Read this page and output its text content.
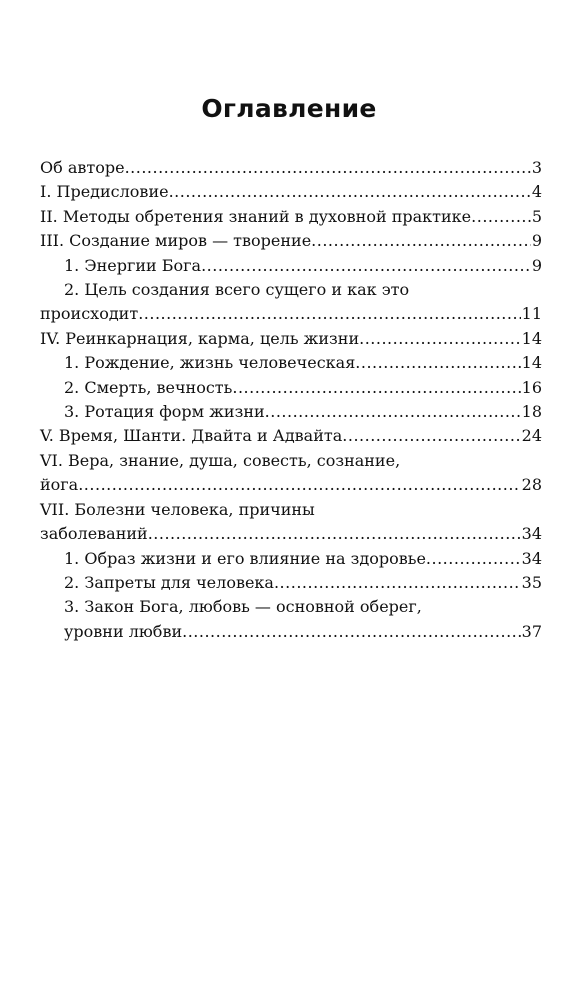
Оглавление
Об авторе .....	3
I. Предисловие .....	4
II. Методы обретения знаний в духовной практике .....	5
III. Создание миров — творение .....	9
1. Энергии Бога .....	9
2. Цель создания всего сущего и как это
происходит .....	11
IV. Реинкарнация, карма, цель жизни .....	14
1. Рождение, жизнь человеческая .....	14
2. Смерть, вечность .....	16
3. Ротация форм жизни .....	18
V. Время, Шанти. Двайта и Адвайта .....	24
VI. Вера, знание, душа, совесть, сознание,
йога .....	28
VII. Болезни человека, причины
заболеваний .....	34
1. Образ жизни и его влияние на здоровье .....	34
2. Запреты для человека .....	35
3. Закон Бога, любовь — основной оберег,
уровни любви .....	37
